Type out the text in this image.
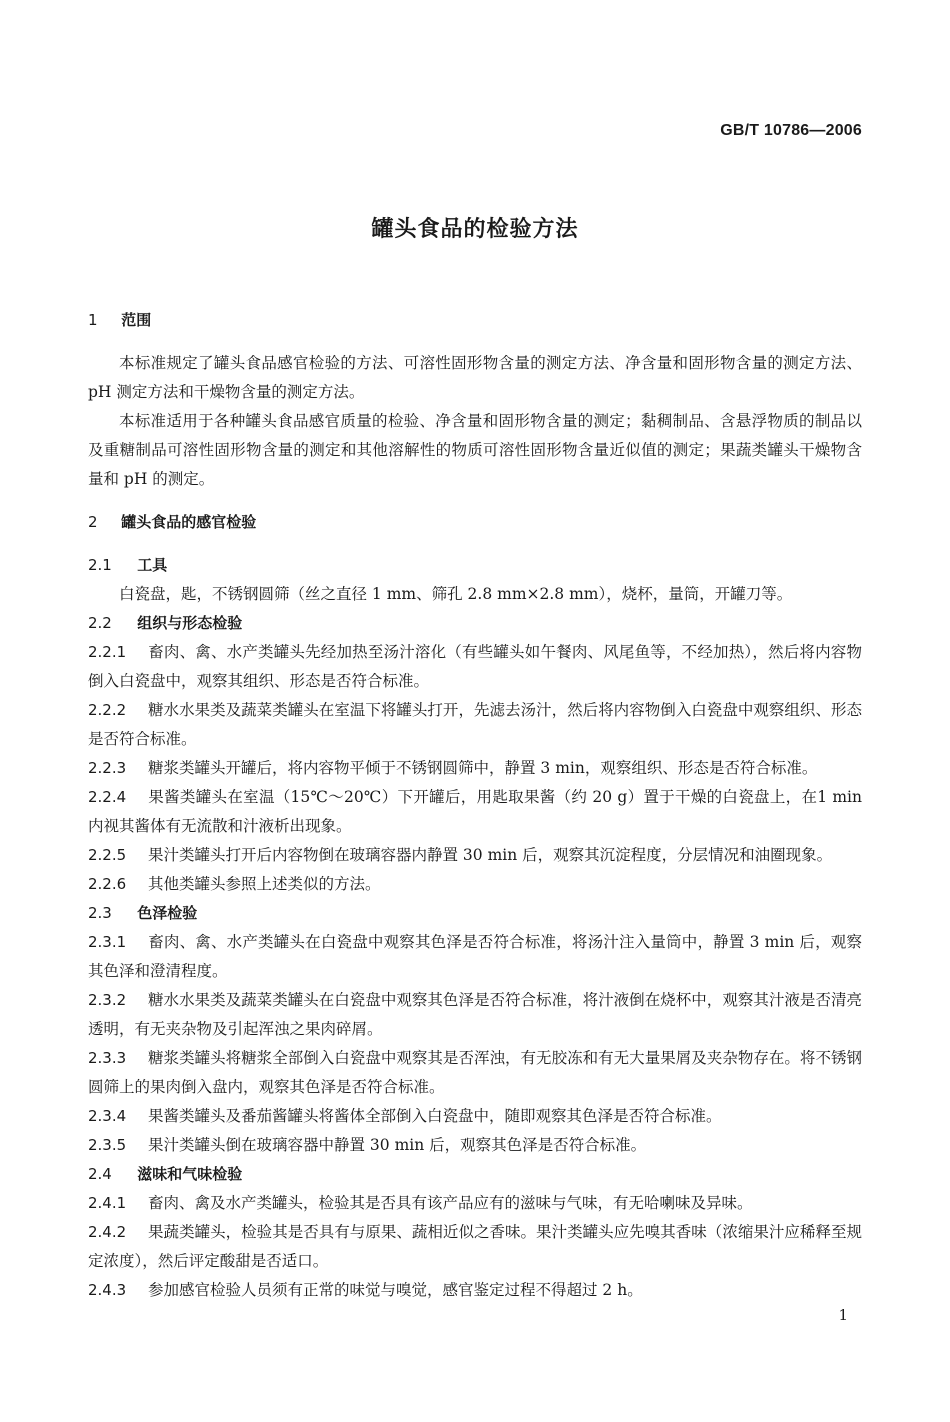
GB/T 10786—2006
罐头食品的检验方法
1 范围

本标准规定了罐头食品感官检验的方法、可溶性固形物含量的测定方法、净含量和固形物含量的测定方法、pH 测定方法和干燥物含量的测定方法。

本标准适用于各种罐头食品感官质量的检验、净含量和固形物含量的测定；黏稠制品、含悬浮物质的制品以及重糖制品可溶性固形物含量的测定和其他溶解性的物质可溶性固形物含量近似值的测定；果蔬类罐头干燥物含量和 pH 的测定。

2 罐头食品的感官检验
2.1 工具

白瓷盘，匙，不锈钢圆筛（丝之直径 1 mm、筛孔 2.8 mm×2.8 mm），烧杯，量筒，开罐刀等。

2.2 组织与形态检验

2.2.1 畜肉、禽、水产类罐头先经加热至汤汁溶化（有些罐头如午餐肉、风尾鱼等，不经加热），然后将内容物倒入白瓷盘中，观察其组织、形态是否符合标准。

2.2.2 糖水水果类及蔬菜类罐头在室温下将罐头打开，先滤去汤汁，然后将内容物倒入白瓷盘中观察组织、形态是否符合标准。

2.2.3 糖浆类罐头开罐后，将内容物平倾于不锈钢圆筛中，静置 3 min，观察组织、形态是否符合标准。

2.2.4 果酱类罐头在室温（15℃～20℃）下开罐后，用匙取果酱（约 20 g）置于干燥的白瓷盘上，在1 min 内视其酱体有无流散和汁液析出现象。

2.2.5 果汁类罐头打开后内容物倒在玻璃容器内静置 30 min 后，观察其沉淀程度，分层情况和油圈现象。

2.2.6 其他类罐头参照上述类似的方法。

2.3 色泽检验

2.3.1 畜肉、禽、水产类罐头在白瓷盘中观察其色泽是否符合标准，将汤汁注入量筒中，静置 3 min 后，观察其色泽和澄清程度。

2.3.2 糖水水果类及蔬菜类罐头在白瓷盘中观察其色泽是否符合标准，将汁液倒在烧杯中，观察其汁液是否清亮透明，有无夹杂物及引起浑浊之果肉碎屑。

2.3.3 糖浆类罐头将糖浆全部倒入白瓷盘中观察其是否浑浊，有无胶冻和有无大量果屑及夹杂物存在。将不锈钢圆筛上的果肉倒入盘内，观察其色泽是否符合标准。

2.3.4 果酱类罐头及番茄酱罐头将酱体全部倒入白瓷盘中，随即观察其色泽是否符合标准。

2.3.5 果汁类罐头倒在玻璃容器中静置 30 min 后，观察其色泽是否符合标准。

2.4 滋味和气味检验

2.4.1 畜肉、禽及水产类罐头，检验其是否具有该产品应有的滋味与气味，有无哈喇味及异味。

2.4.2 果蔬类罐头，检验其是否具有与原果、蔬相近似之香味。果汁类罐头应先嗅其香味（浓缩果汁应稀释至规定浓度），然后评定酸甜是否适口。

2.4.3 参加感官检验人员须有正常的味觉与嗅觉，感官鉴定过程不得超过 2 h。

1
